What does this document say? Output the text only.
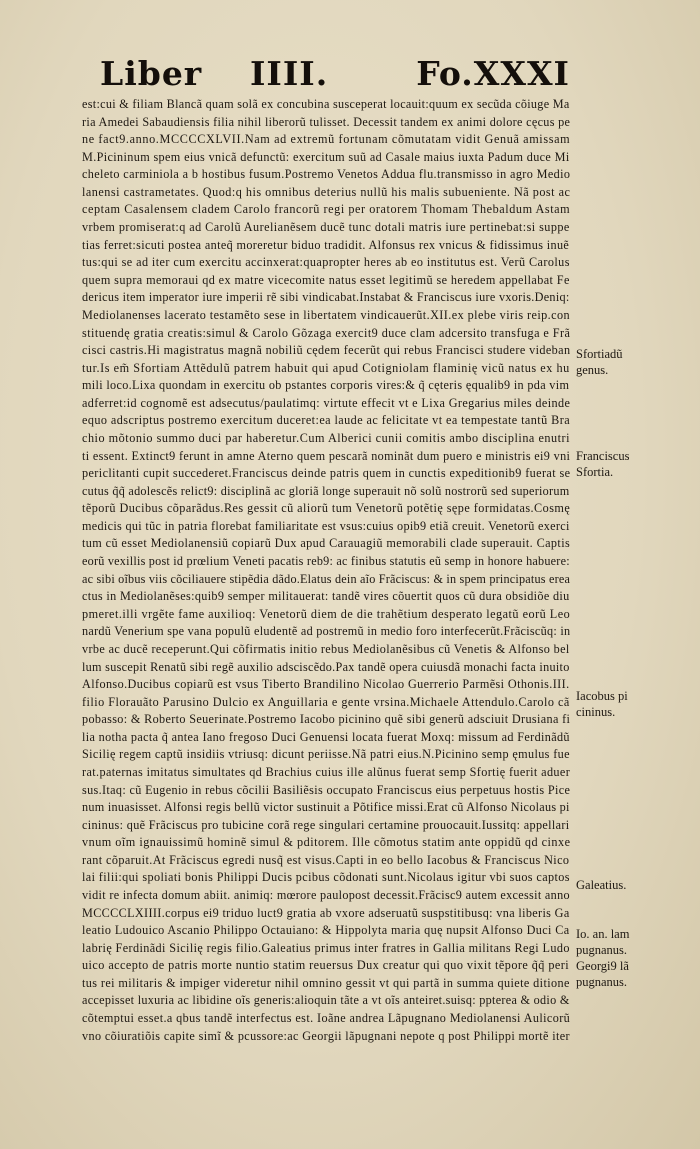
Liber IIII.	Fo.XXXI
est:cui & filiam Blancã quam solã ex concubina susceperat locauit:quum ex secũda cõiuge Ma
ria Amedei Sabaudiensis filia nihil liberorũ tulisset. Decessit tandem ex animi dolore cęcus pe
ne fact9.anno.MCCCCXLVII.Nam ad extremũ fortunam cõmutatam vidit Genuã amissam
M.Picininum spem eius vnicã defunctũ: exercitum suũ ad Casale maius iuxta Padum duce Mi
cheleto carminiola a b hostibus fusum.Postremo Venetos Addua flu.transmisso in agro Medio
lanensi castrametates. Quod:q his omnibus deterius nullũ his malis subueniente. Nã post ac
ceptam Casalensem cladem Carolo francorũ regi per oratorem Thomam Thebaldum Astam
vrbem promiserat:q ad Carolũ Aurelianẽsem ducẽ tunc dotali matris iure pertinebat:si suppe
tias ferret:sicuti postea anteq̃ moreretur biduo tradidit. Alfonsus rex vnicus & fidissimus inuẽ
tus:qui se ad iter cum exercitu accinxerat:quapropter heres ab eo institutus est. Verũ Carolus
quem supra memoraui qd ex matre vicecomite natus esset legitimũ se heredem appellabat Fe
dericus item imperator iure imperii rẽ sibi vindicabat.Instabat & Franciscus iure vxoris.Deniq:
Mediolanenses lacerato testamẽto sese in libertatem vindicauerũt.XII.ex plebe viris reip.con
stituendę gratia creatis:simul & Carolo Gõzaga exercit9 duce clam adcersito transfuga e Frã
cisci castris.Hi magistratus magnã nobiliũ cędem fecerũt qui rebus Francisci studere videban
tur.Is em̃ Sfortiam Attẽdulũ patrem habuit qui apud Cotigniolam flaminię vicũ natus ex hu
mili loco.Lixa quondam in exercitu ob pstantes corporis vires:& q̃ cęteris ęqualib9 in pda vim
adferret:id cognomẽ est adsecutus/paulatimq: virtute effecit vt e Lixa Gregarius miles deinde
equo adscriptus postremo exercitum duceret:ea laude ac felicitate vt ea tempestate tantũ Bra
chio mõtonio summo duci par haberetur.Cum Alberici cunii comitis ambo disciplina enutri
ti essent. Extinct9 ferunt in amne Aterno quem pescarã nominãt dum puero e ministris ei9 vni
periclitanti cupit succederet.Franciscus deinde patris quem in cunctis expeditionib9 fuerat se
cutus q̃q̃ adolescẽs relict9: disciplinã ac gloriã longe superauit nõ solũ nostrorũ sed superiorum
tẽporũ Ducibus cõparãdus.Res gessit cũ aliorũ tum Venetorũ potẽtię sępe formidatas.Cosmę
medicis qui tũc in patria florebat familiaritate est vsus:cuius opib9 etiã creuit. Venetorũ exerci
tum cũ esset Mediolanensiũ copiarũ Dux apud Carauagiũ memorabili clade superauit. Captis
eorũ vexillis post id prœlium Veneti pacatis reb9: ac finibus statutis eũ semp in honore habuere:
ac sibi oĩbus viis cõciliauere stipẽdia dãdo.Elatus dein aĩo Frãciscus: & in spem principatus erea
ctus in Mediolanẽses:quib9 semper militauerat: tandẽ vires cõuertit quos cũ dura obsidiõe diu
pmeret.illi vrgẽte fame auxilioq: Venetorũ diem de die trahẽtium desperato legatũ eorũ Leo
nardũ Venerium spe vana populũ eludentẽ ad postremũ in medio foro interfecerũt.Frãciscũq: in
vrbe ac ducẽ receperunt.Qui cõfirmatis initio rebus Mediolanẽsibus cũ Venetis & Alfonso bel
lum suscepit Renatũ sibi regẽ auxilio adsciscẽdo.Pax tandẽ opera cuiusdã monachi facta inuito
Alfonso.Ducibus copiarũ est vsus Tiberto Brandilino Nicolao Guerrerio Parmẽsi Othonis.III.
filio Florauãto Parusino Dulcio ex Anguillaria e gente vrsina.Michaele Attendulo.Carolo cã
pobasso: & Roberto Seuerinate.Postremo Iacobo picinino quẽ sibi generũ adsciuit Drusiana fi
lia notha pacta q̃ antea Iano fregoso Duci Genuensi locata fuerat Moxq: missum ad Ferdinãdũ
Sicilię regem captũ insidiis vtriusq: dicunt periisse.Nã patri eius.N.Picinino semp ęmulus fue
rat.paternas imitatus simultates qd Brachius cuius ille alũnus fuerat semp Sfortię fuerit aduer
sus.Itaq: cũ Eugenio in rebus cõcilii Basiliẽsis occupato Franciscus eius perpetuus hostis Pice
num inuasisset. Alfonsi regis bellũ victor sustinuit a Põtifice missi.Erat cũ Alfonso Nicolaus pi
cininus: quẽ Frãciscus pro tubicine corã rege singulari certamine prouocauit.Iussitq: appellari
vnum oĩm ignauissimũ hominẽ simul & pditorem. Ille cõmotus statim ante oppidũ qd cinxe
rant cõparuit.At Frãciscus egredi nusq̃ est visus.Capti in eo bello Iacobus & Franciscus Nico
lai filii:qui spoliati bonis Philippi Ducis pcibus cõdonati sunt.Nicolaus igitur vbi suos captos
vidit re infecta domum abiit. animiq: mœrore paulopost decessit.Frãcisc9 autem excessit anno
MCCCCLXIIII.corpus ei9 triduo luct9 gratia ab vxore adseruatũ suspstitibusq: vna liberis Ga
leatio Ludouico Ascanio Philippo Octauiano: & Hippolyta maria quę nupsit Alfonso Duci Ca
labrię Ferdinãdi Sicilię regis filio.Galeatius primus inter fratres in Gallia militans Regi Ludo
uico accepto de patris morte nuntio statim reuersus Dux creatur qui quo vixit tẽpore q̃q̃ peri
tus rei militaris & impiger videretur nihil omnino gessit vt qui partã in summa quiete ditione
accepisset luxuria ac libidine oĩs generis:alioquin tãte a vt oĩs anteiret.suisq: ppterea & odio &
cõtemptui esset.a qbus tandẽ interfectus est. Ioãne andrea Lãpugnano Mediolanensi Aulicorũ
vno cõiuratiõis capite simĩ & pcussore:ac Georgii lãpugnani nepote q post Philippi mortẽ iter
Sfortiadũ
genus.
Franciscus
Sfortia.
Iacobus pi
cininus.
Galeatius.
Io. an. lam
pugnanus.
Georgi9 lã
pugnanus.
